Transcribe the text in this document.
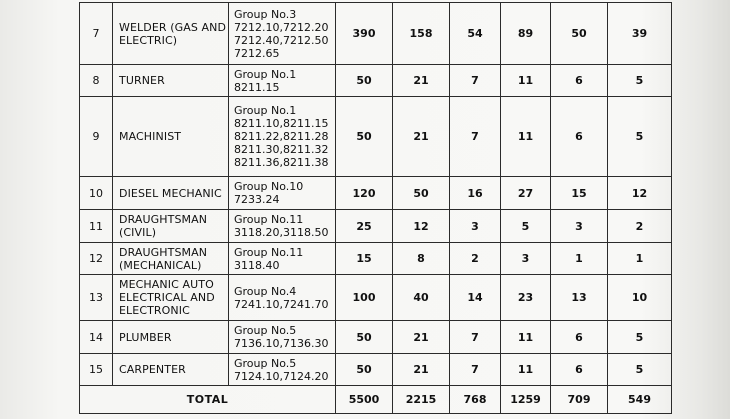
7	WELDER (GAS AND
ELECTRIC)	Group No.3
7212.10,7212.20
7212.40,7212.50
7212.65	390	158	54	89	50	39
8	TURNER	Group No.1
8211.15	50	21	7	11	6	5
9	MACHINIST	Group No.1
8211.10,8211.15
8211.22,8211.28
8211.30,8211.32
8211.36,8211.38	50	21	7	11	6	5
10	DIESEL MECHANIC	Group No.10
7233.24	120	50	16	27	15	12
11	DRAUGHTSMAN
(CIVIL)	Group No.11
3118.20,3118.50	25	12	3	5	3	2
12	DRAUGHTSMAN
(MECHANICAL)	Group No.11
3118.40	15	8	2	3	1	1
13	MECHANIC AUTO
ELECTRICAL AND
ELECTRONIC	Group No.4
7241.10,7241.70	100	40	14	23	13	10
14	PLUMBER	Group No.5
7136.10,7136.30	50	21	7	11	6	5
15	CARPENTER	Group No.5
7124.10,7124.20	50	21	7	11	6	5
TOTAL			5500	2215	768	1259	709	549
